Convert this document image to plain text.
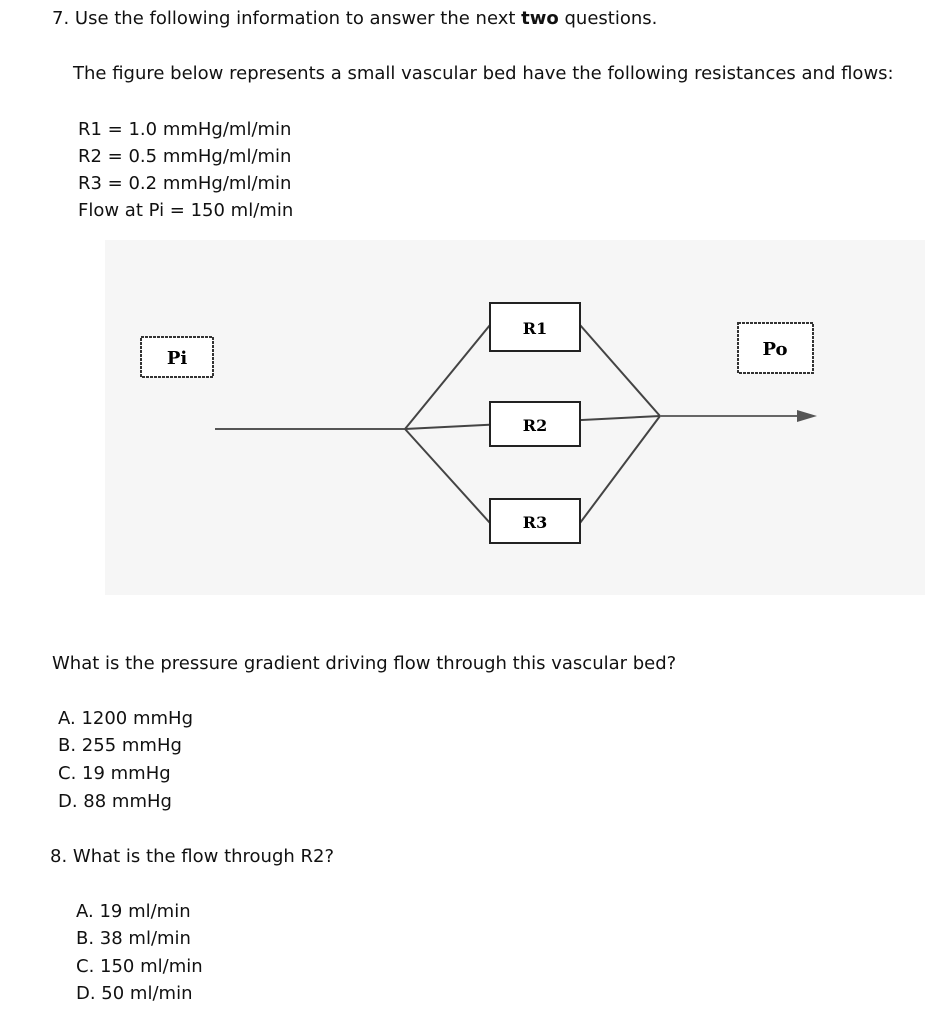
7. Use the following information to answer the next two questions.
The figure below represents a small vascular bed have the following resistances and flows:
R1 = 1.0 mmHg/ml/min
R2 = 0.5 mmHg/ml/min
R3 = 0.2 mmHg/ml/min
Flow at Pi = 150 ml/min
Pi	Po
R1
R2
R3
What is the pressure gradient driving flow through this vascular bed?
A. 1200 mmHg
B. 255 mmHg
C. 19 mmHg
D. 88 mmHg
8. What is the flow through R2?
A. 19 ml/min
B. 38 ml/min
C. 150 ml/min
D. 50 ml/min
